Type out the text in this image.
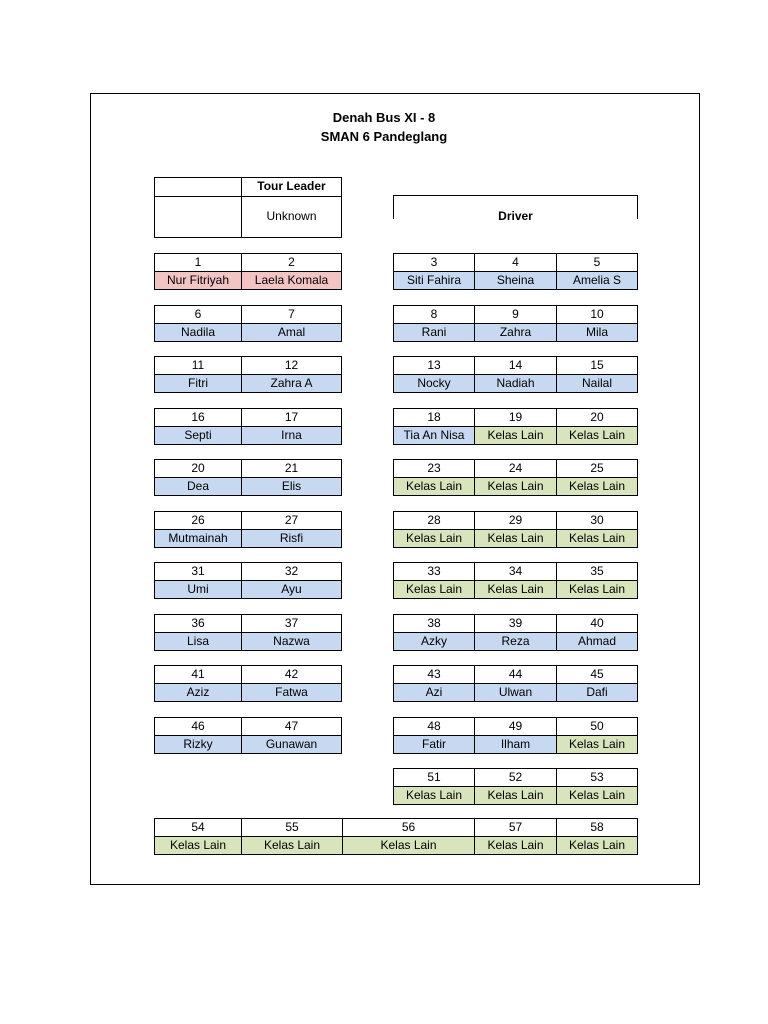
Denah Bus XI - 8
SMAN 6 Pandeglang
Tour Leader
Unknown	Driver
1
Nur Fitriyah
2
Laela Komala
6
Nadila
7
Amal
11
Fitri
12
Zahra A
16
Septi
17
Irna
20
Dea
21
Elis
26
Mutmainah
27
Risfi
31
Umi
32
Ayu
36
Lisa
37
Nazwa
41
Aziz
42
Fatwa
46
Rizky
47
Gunawan
3
Siti Fahira
4
Sheina
5
Amelia S
8
Rani
9
Zahra
10
Mila
13
Nocky
14
Nadiah
15
Nailal
18
Tia An Nisa
19
Kelas Lain
20
Kelas Lain
23
Kelas Lain
24
Kelas Lain
25
Kelas Lain
28
Kelas Lain
29
Kelas Lain
30
Kelas Lain
33
Kelas Lain
34
Kelas Lain
35
Kelas Lain
38
Azky
39
Reza
40
Ahmad
43
Azi
44
Ulwan
45
Dafi
48
Fatir
49
Ilham
50
Kelas Lain
51
Kelas Lain
52
Kelas Lain
53
Kelas Lain
54
Kelas Lain
55
Kelas Lain
56
Kelas Lain
57
Kelas Lain
58
Kelas Lain
